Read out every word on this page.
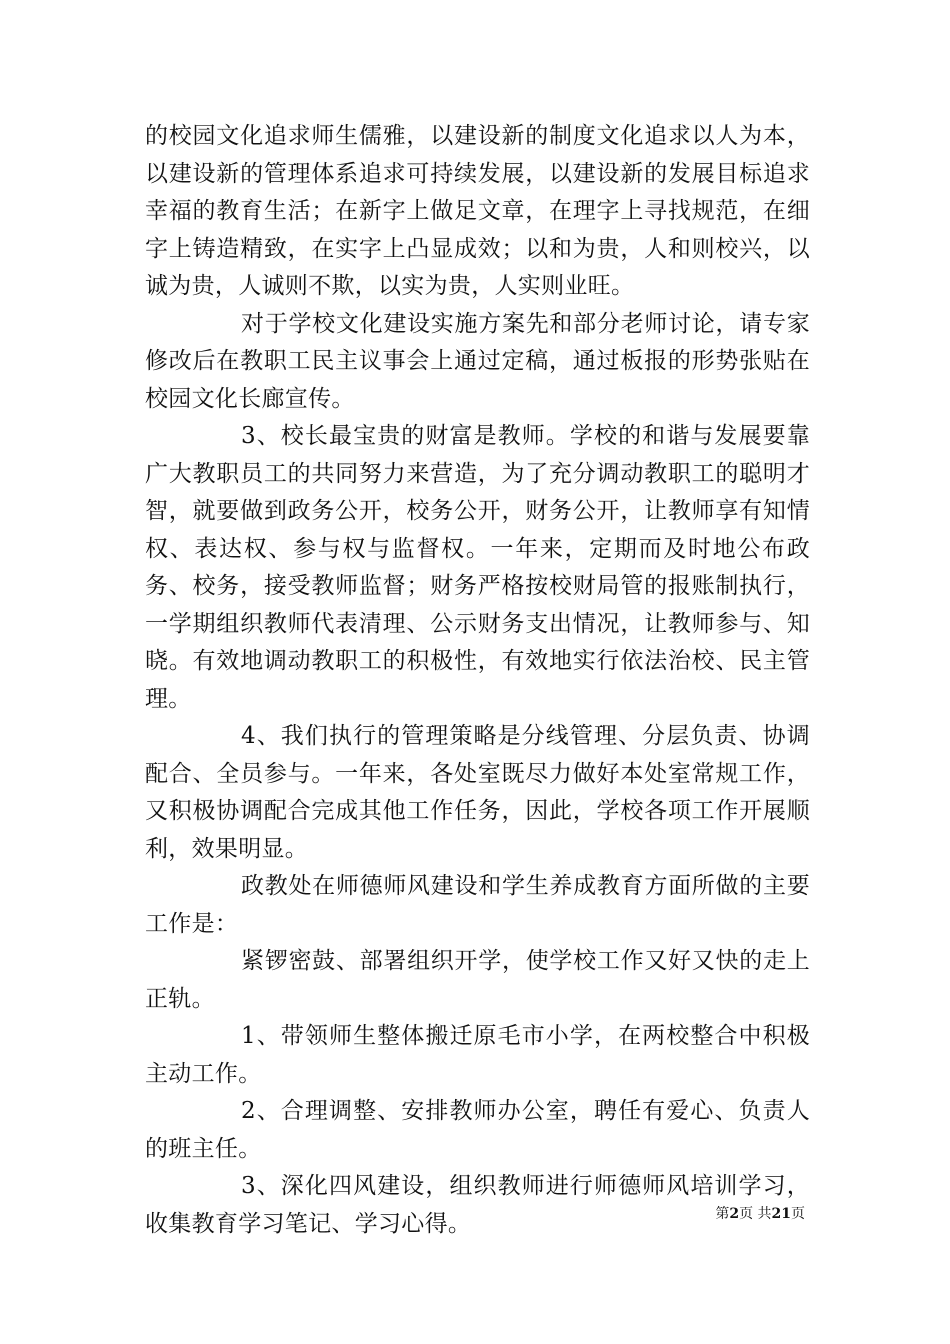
的校园文化追求师生儒雅，以建设新的制度文化追求以人为本，以建设新的管理体系追求可持续发展，以建设新的发展目标追求幸福的教育生活；在新字上做足文章，在理字上寻找规范，在细字上铸造精致，在实字上凸显成效；以和为贵，人和则校兴，以诚为贵，人诚则不欺，以实为贵，人实则业旺。

对于学校文化建设实施方案先和部分老师讨论，请专家修改后在教职工民主议事会上通过定稿，通过板报的形势张贴在校园文化长廊宣传。

3、校长最宝贵的财富是教师。学校的和谐与发展要靠广大教职员工的共同努力来营造，为了充分调动教职工的聪明才智，就要做到政务公开，校务公开，财务公开，让教师享有知情权、表达权、参与权与监督权。一年来，定期而及时地公布政务、校务，接受教师监督；财务严格按校财局管的报账制执行，一学期组织教师代表清理、公示财务支出情况，让教师参与、知晓。有效地调动教职工的积极性，有效地实行依法治校、民主管理。

4、我们执行的管理策略是分线管理、分层负责、协调配合、全员参与。一年来，各处室既尽力做好本处室常规工作，又积极协调配合完成其他工作任务，因此，学校各项工作开展顺利，效果明显。

政教处在师德师风建设和学生养成教育方面所做的主要工作是：

紧锣密鼓、部署组织开学，使学校工作又好又快的走上正轨。

1、带领师生整体搬迁原毛市小学，在两校整合中积极主动工作。

2、合理调整、安排教师办公室，聘任有爱心、负责人的班主任。

3、深化四风建设，组织教师进行师德师风培训学习，收集教育学习笔记、学习心得。	第2页 共21页
